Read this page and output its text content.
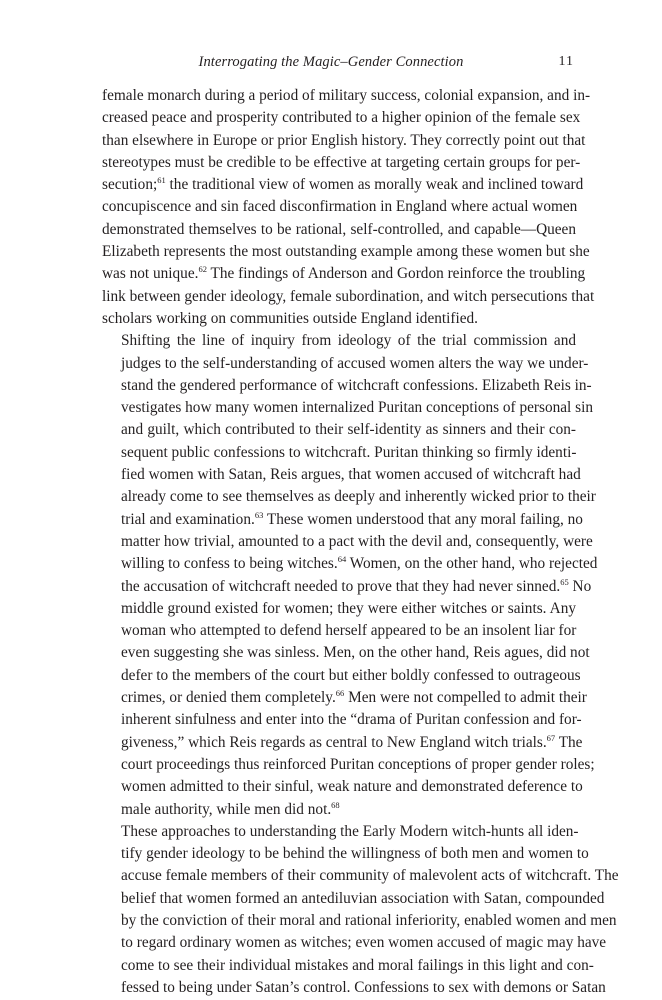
Interrogating the Magic–Gender Connection	11

female monarch during a period of military success, colonial expansion, and in-
creased peace and prosperity contributed to a higher opinion of the female sex
than elsewhere in Europe or prior English history. They correctly point out that
stereotypes must be credible to be effective at targeting certain groups for per-
secution;$^{61}$ the traditional view of women as morally weak and inclined toward
concupiscence and sin faced disconfirmation in England where actual women
demonstrated themselves to be rational, self-controlled, and capable—Queen
Elizabeth represents the most outstanding example among these women but she
was not unique.$^{62}$ The findings of Anderson and Gordon reinforce the troubling
link between gender ideology, female subordination, and witch persecutions that
scholars working on communities outside England identified.

Shifting the line of inquiry from ideology of the trial commission and
judges to the self-understanding of accused women alters the way we under-
stand the gendered performance of witchcraft confessions. Elizabeth Reis in-
vestigates how many women internalized Puritan conceptions of personal sin
and guilt, which contributed to their self-identity as sinners and their con-
sequent public confessions to witchcraft. Puritan thinking so firmly identi-
fied women with Satan, Reis argues, that women accused of witchcraft had
already come to see themselves as deeply and inherently wicked prior to their
trial and examination.$^{63}$ These women understood that any moral failing, no
matter how trivial, amounted to a pact with the devil and, consequently, were
willing to confess to being witches.$^{64}$ Women, on the other hand, who rejected
the accusation of witchcraft needed to prove that they had never sinned.$^{65}$ No
middle ground existed for women; they were either witches or saints. Any
woman who attempted to defend herself appeared to be an insolent liar for
even suggesting she was sinless. Men, on the other hand, Reis agues, did not
defer to the members of the court but either boldly confessed to outrageous
crimes, or denied them completely.$^{66}$ Men were not compelled to admit their
inherent sinfulness and enter into the “drama of Puritan confession and for-
giveness,” which Reis regards as central to New England witch trials.$^{67}$ The
court proceedings thus reinforced Puritan conceptions of proper gender roles;
women admitted to their sinful, weak nature and demonstrated deference to
male authority, while men did not.$^{68}$

These approaches to understanding the Early Modern witch-hunts all iden-
tify gender ideology to be behind the willingness of both men and women to
accuse female members of their community of malevolent acts of witchcraft. The
belief that women formed an antediluvian association with Satan, compounded
by the conviction of their moral and rational inferiority, enabled women and men
to regard ordinary women as witches; even women accused of magic may have
come to see their individual mistakes and moral failings in this light and con-
fessed to being under Satan’s control. Confessions to sex with demons or Satan
